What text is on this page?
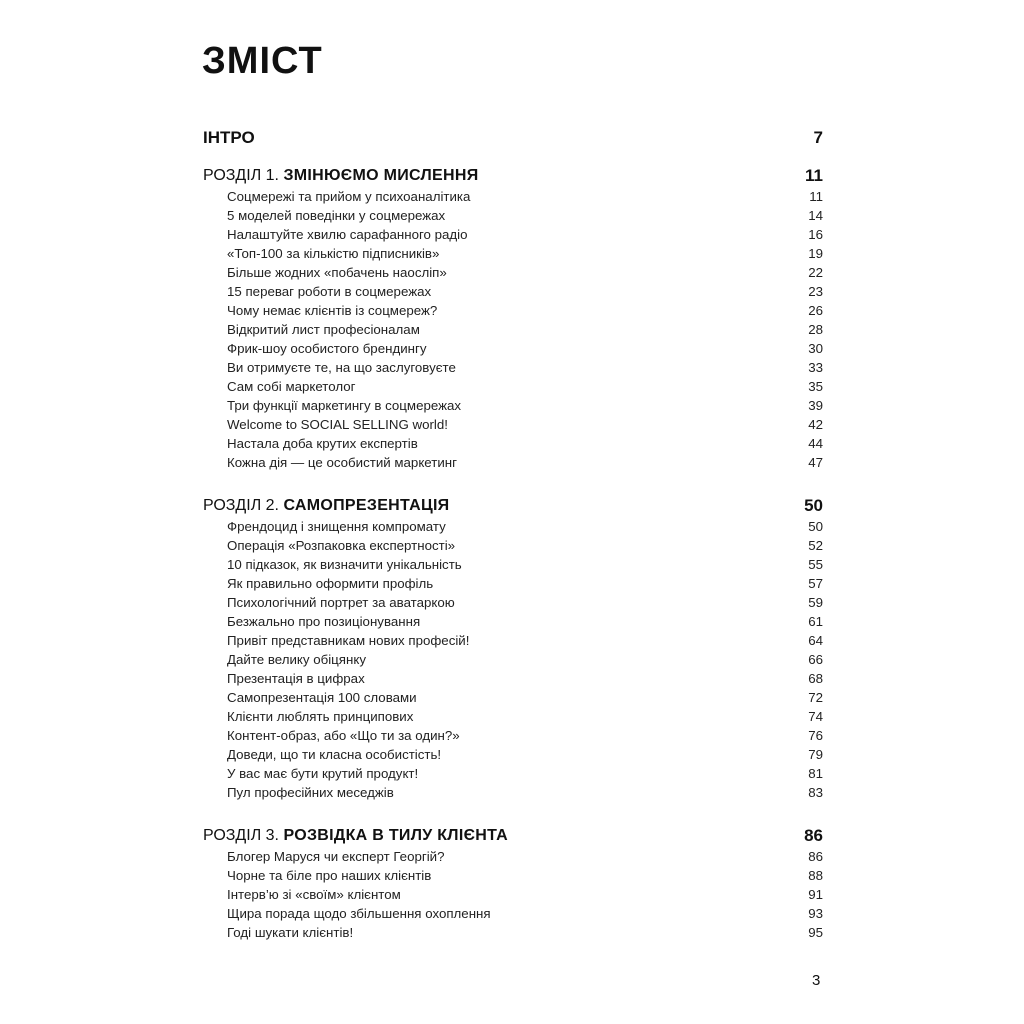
ЗМІСТ
ІНТРО	7
РОЗДІЛ 1. ЗМІНЮЄМО МИСЛЕННЯ	11
Соцмережі та прийом у психоаналітика	11
5 моделей поведінки у соцмережах	14
Налаштуйте хвилю сарафанного радіо	16
«Топ-100 за кількістю підписників»	19
Більше жодних «побачень наосліп»	22
15 переваг роботи в соцмережах	23
Чому немає клієнтів із соцмереж?	26
Відкритий лист професіоналам	28
Фрик-шоу особистого брендингу	30
Ви отримуєте те, на що заслуговуєте	33
Сам собі маркетолог	35
Три функції маркетингу в соцмережах	39
Welcome to SOCIAL SELLING world!	42
Настала доба крутих експертів	44
Кожна дія — це особистий маркетинг	47
РОЗДІЛ 2. САМОПРЕЗЕНТАЦІЯ	50
Френдоцид і знищення компромату	50
Операція «Розпаковка експертності»	52
10 підказок, як визначити унікальність	55
Як правильно оформити профіль	57
Психологічний портрет за аватаркою	59
Безжально про позиціонування	61
Привіт представникам нових професій!	64
Дайте велику обіцянку	66
Презентація в цифрах	68
Самопрезентація 100 словами	72
Клієнти люблять принципових	74
Контент-образ, або «Що ти за один?»	76
Доведи, що ти класна особистість!	79
У вас має бути крутий продукт!	81
Пул професійних меседжів	83
РОЗДІЛ 3. РОЗВІДКА В ТИЛУ КЛІЄНТА	86
Блогер Маруся чи експерт Георгій?	86
Чорне та біле про наших клієнтів	88
Інтерв’ю зі «своїм» клієнтом	91
Щира порада щодо збільшення охоплення	93
Годі шукати клієнтів!	95
3
